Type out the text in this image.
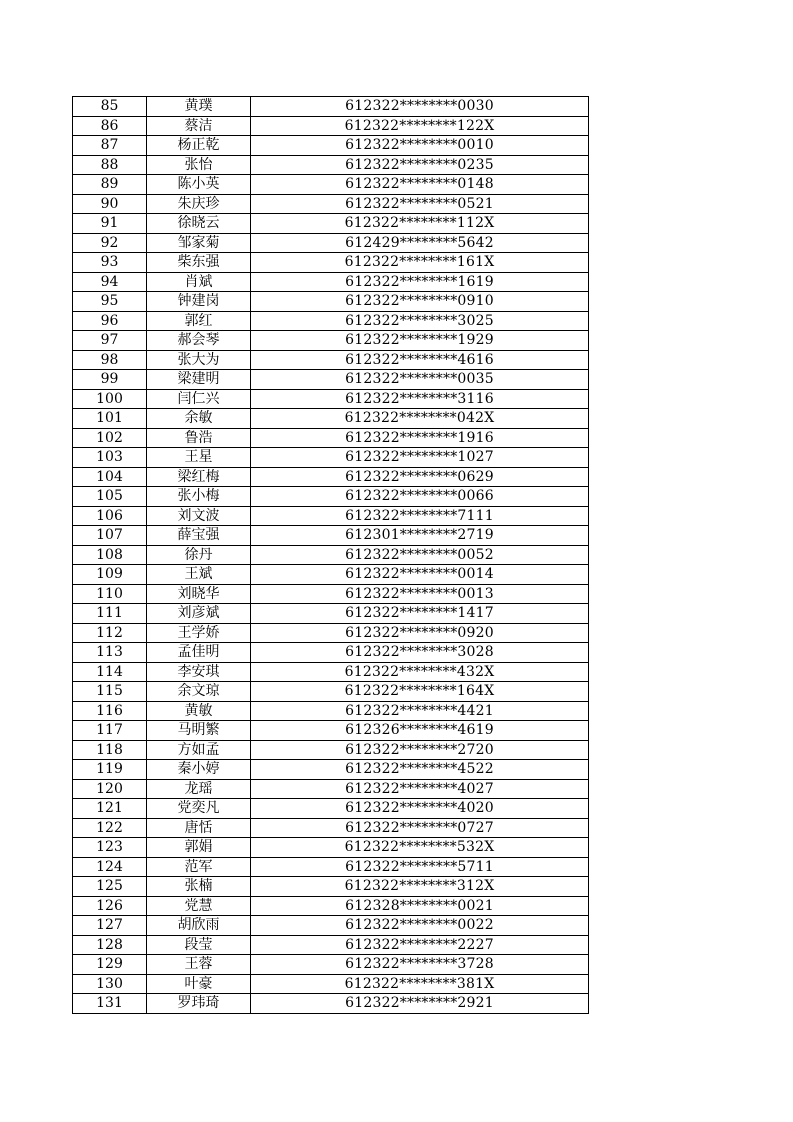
85	黄璞	612322********0030
86	蔡洁	612322********122X
87	杨正乾	612322********0010
88	张怡	612322********0235
89	陈小英	612322********0148
90	朱庆珍	612322********0521
91	徐晓云	612322********112X
92	邹家菊	612429********5642
93	柴东强	612322********161X
94	肖斌	612322********1619
95	钟建岗	612322********0910
96	郭红	612322********3025
97	郝会琴	612322********1929
98	张大为	612322********4616
99	梁建明	612322********0035
100	闫仁兴	612322********3116
101	余敏	612322********042X
102	鲁浩	612322********1916
103	王星	612322********1027
104	梁红梅	612322********0629
105	张小梅	612322********0066
106	刘文波	612322********7111
107	薛宝强	612301********2719
108	徐丹	612322********0052
109	王斌	612322********0014
110	刘晓华	612322********0013
111	刘彦斌	612322********1417
112	王学娇	612322********0920
113	孟佳明	612322********3028
114	李安琪	612322********432X
115	余文琼	612322********164X
116	黄敏	612322********4421
117	马明繁	612326********4619
118	方如孟	612322********2720
119	秦小婷	612322********4522
120	龙瑶	612322********4027
121	党奕凡	612322********4020
122	唐恬	612322********0727
123	郭娟	612322********532X
124	范军	612322********5711
125	张楠	612322********312X
126	党慧	612328********0021
127	胡欣雨	612322********0022
128	段莹	612322********2227
129	王蓉	612322********3728
130	叶豪	612322********381X
131	罗玮琦	612322********2921
